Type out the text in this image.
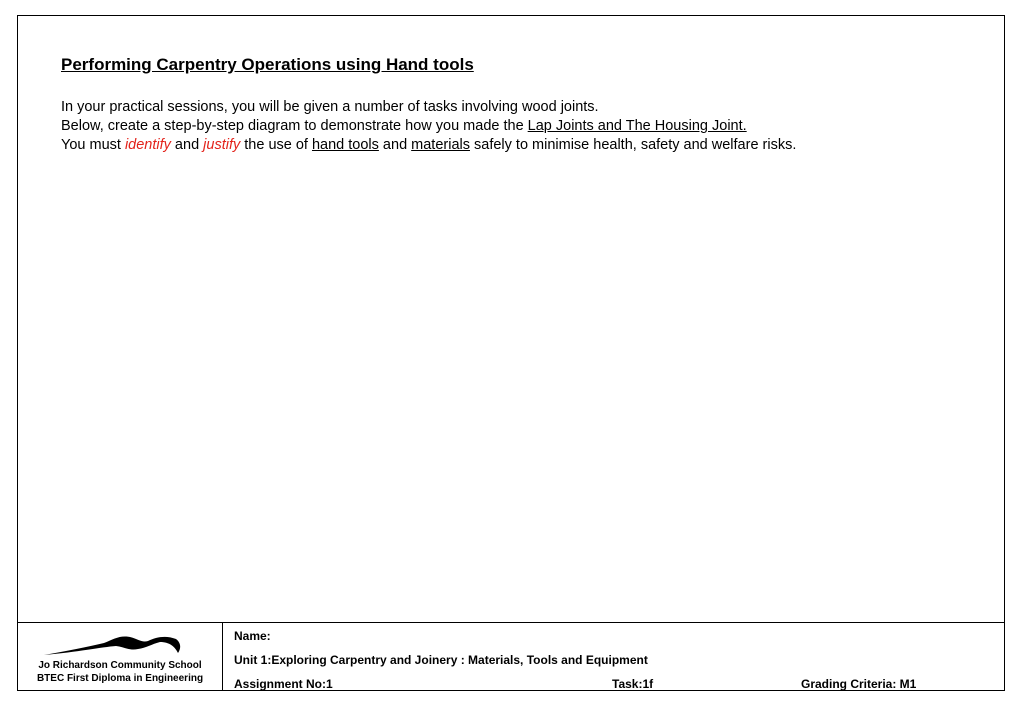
Performing Carpentry Operations using Hand tools

In your practical sessions, you will be given a number of tasks involving wood joints.

Below, create a step-by-step diagram to demonstrate how you made the Lap Joints and The Housing Joint.

You must identify and justify the use of hand tools and materials safely to minimise health, safety and welfare risks.

Jo Richardson Community School
BTEC First Diploma in Engineering
Name:
Unit 1:Exploring Carpentry and Joinery : Materials, Tools and Equipment
Assignment No:1	Task:1f	Grading Criteria: M1
